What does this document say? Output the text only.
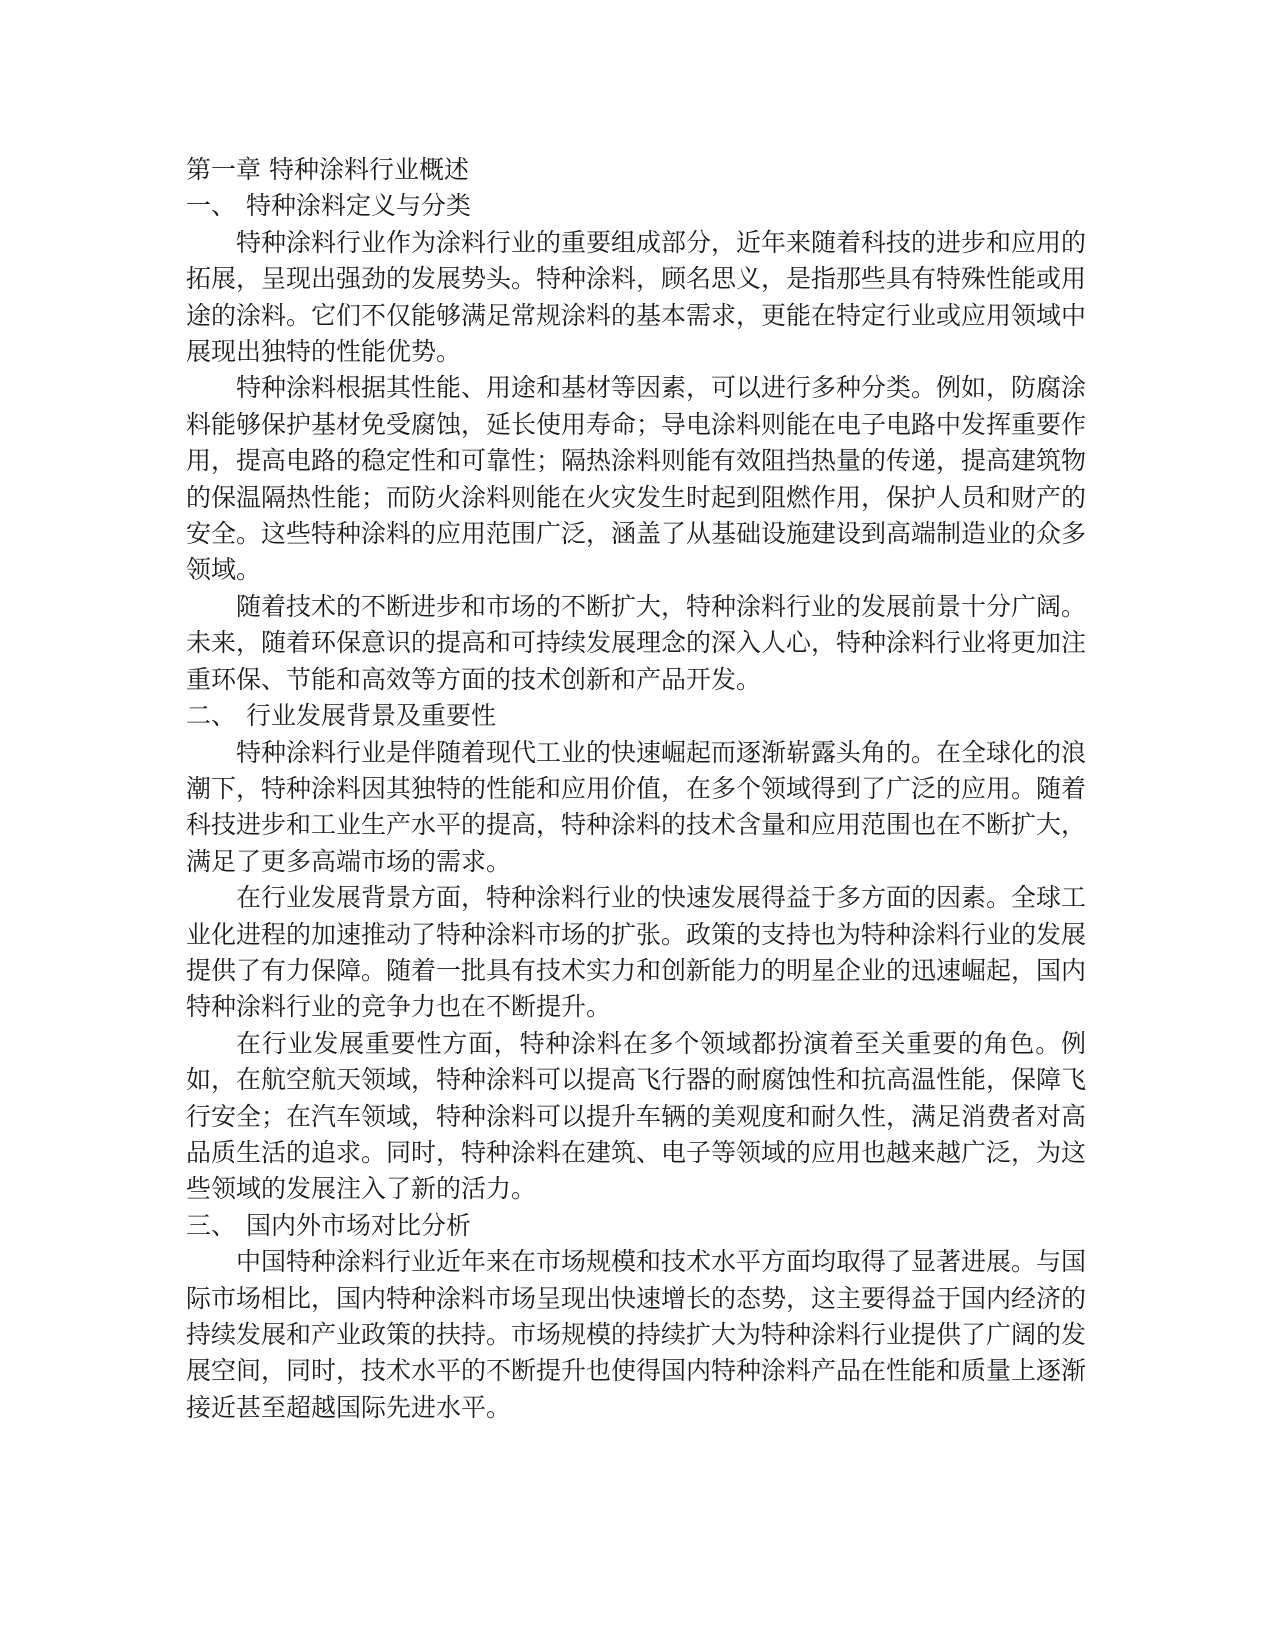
第一章 特种涂料行业概述
一、 特种涂料定义与分类

特种涂料行业作为涂料行业的重要组成部分，近年来随着科技的进步和应用的拓展，呈现出强劲的发展势头。特种涂料，顾名思义，是指那些具有特殊性能或用途的涂料。它们不仅能够满足常规涂料的基本需求，更能在特定行业或应用领域中展现出独特的性能优势。

特种涂料根据其性能、用途和基材等因素，可以进行多种分类。例如，防腐涂料能够保护基材免受腐蚀，延长使用寿命；导电涂料则能在电子电路中发挥重要作用，提高电路的稳定性和可靠性；隔热涂料则能有效阻挡热量的传递，提高建筑物的保温隔热性能；而防火涂料则能在火灾发生时起到阻燃作用，保护人员和财产的安全。这些特种涂料的应用范围广泛，涵盖了从基础设施建设到高端制造业的众多领域。

随着技术的不断进步和市场的不断扩大，特种涂料行业的发展前景十分广阔。未来，随着环保意识的提高和可持续发展理念的深入人心，特种涂料行业将更加注重环保、节能和高效等方面的技术创新和产品开发。

二、 行业发展背景及重要性

特种涂料行业是伴随着现代工业的快速崛起而逐渐崭露头角的。在全球化的浪潮下，特种涂料因其独特的性能和应用价值，在多个领域得到了广泛的应用。随着科技进步和工业生产水平的提高，特种涂料的技术含量和应用范围也在不断扩大，满足了更多高端市场的需求。

在行业发展背景方面，特种涂料行业的快速发展得益于多方面的因素。全球工业化进程的加速推动了特种涂料市场的扩张。政策的支持也为特种涂料行业的发展提供了有力保障。随着一批具有技术实力和创新能力的明星企业的迅速崛起，国内特种涂料行业的竞争力也在不断提升。

在行业发展重要性方面，特种涂料在多个领域都扮演着至关重要的角色。例如，在航空航天领域，特种涂料可以提高飞行器的耐腐蚀性和抗高温性能，保障飞行安全；在汽车领域，特种涂料可以提升车辆的美观度和耐久性，满足消费者对高品质生活的追求。同时，特种涂料在建筑、电子等领域的应用也越来越广泛，为这些领域的发展注入了新的活力。

三、 国内外市场对比分析

中国特种涂料行业近年来在市场规模和技术水平方面均取得了显著进展。与国际市场相比，国内特种涂料市场呈现出快速增长的态势，这主要得益于国内经济的持续发展和产业政策的扶持。市场规模的持续扩大为特种涂料行业提供了广阔的发展空间，同时，技术水平的不断提升也使得国内特种涂料产品在性能和质量上逐渐接近甚至超越国际先进水平。
